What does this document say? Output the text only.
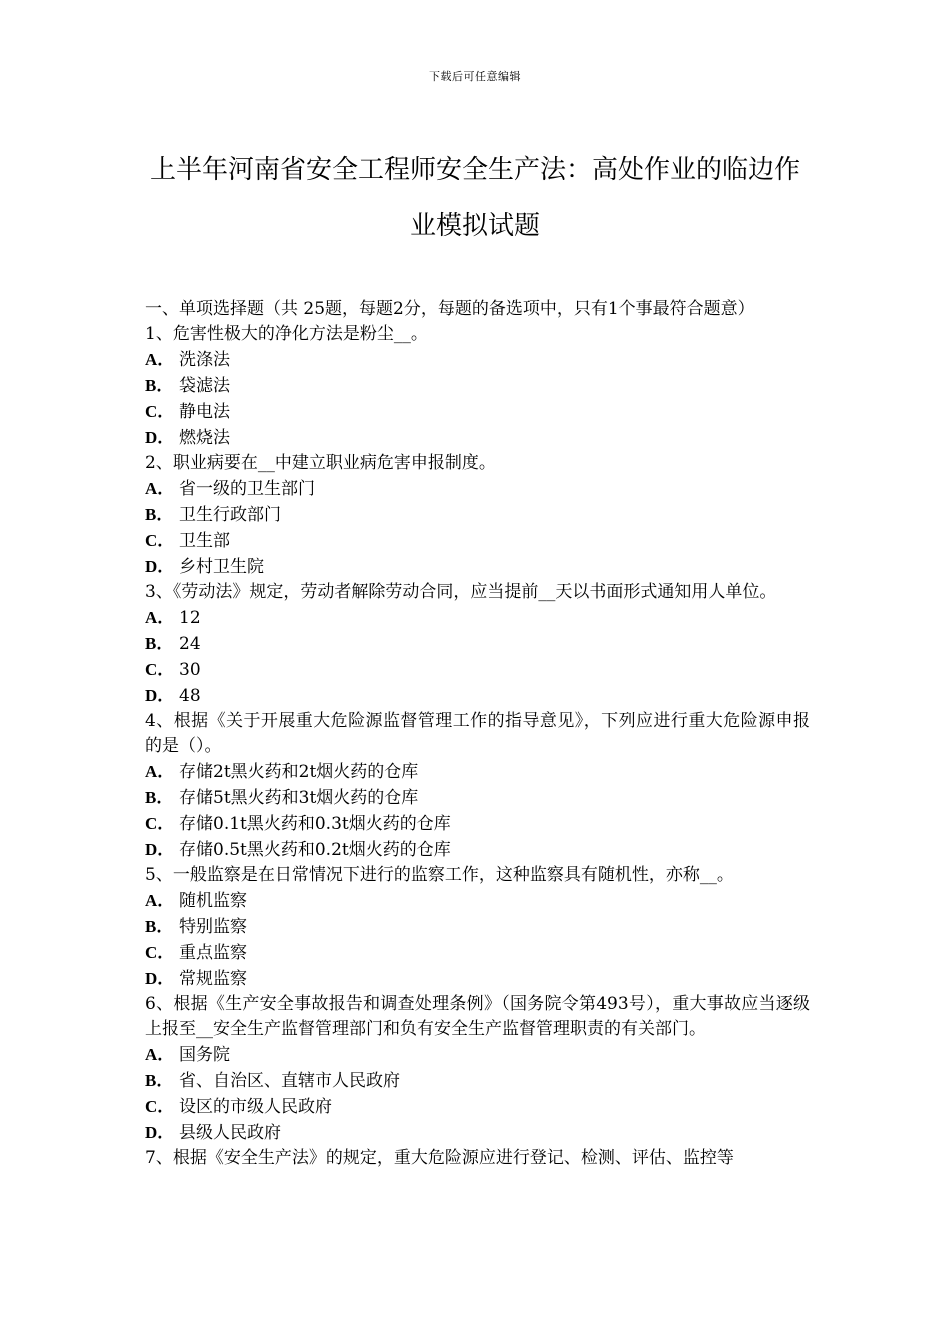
下载后可任意编辑
上半年河南省安全工程师安全生产法：高处作业的临边作业模拟试题

一、单项选择题（共 25题，每题2分，每题的备选项中，只有1个事最符合题意）

1、危害性极大的净化方法是粉尘__。

A． 洗涤法

B． 袋滤法

C． 静电法

D． 燃烧法

2、职业病要在__中建立职业病危害申报制度。

A． 省一级的卫生部门

B． 卫生行政部门

C． 卫生部

D． 乡村卫生院

3、《劳动法》规定，劳动者解除劳动合同，应当提前__天以书面形式通知用人单位。

A． 12

B． 24

C． 30

D． 48

4、根据《关于开展重大危险源监督管理工作的指导意见》，下列应进行重大危险源申报的是（）。

A． 存储2t黑火药和2t烟火药的仓库

B． 存储5t黑火药和3t烟火药的仓库

C． 存储0.1t黑火药和0.3t烟火药的仓库

D． 存储0.5t黑火药和0.2t烟火药的仓库

5、一般监察是在日常情况下进行的监察工作，这种监察具有随机性，亦称__。

A． 随机监察

B． 特别监察

C． 重点监察

D． 常规监察

6、根据《生产安全事故报告和调查处理条例》（国务院令第493号），重大事故应当逐级上报至__安全生产监督管理部门和负有安全生产监督管理职责的有关部门。

A． 国务院

B． 省、自治区、直辖市人民政府

C． 设区的市级人民政府

D． 县级人民政府

7、根据《安全生产法》的规定，重大危险源应进行登记、检测、评估、监控等
